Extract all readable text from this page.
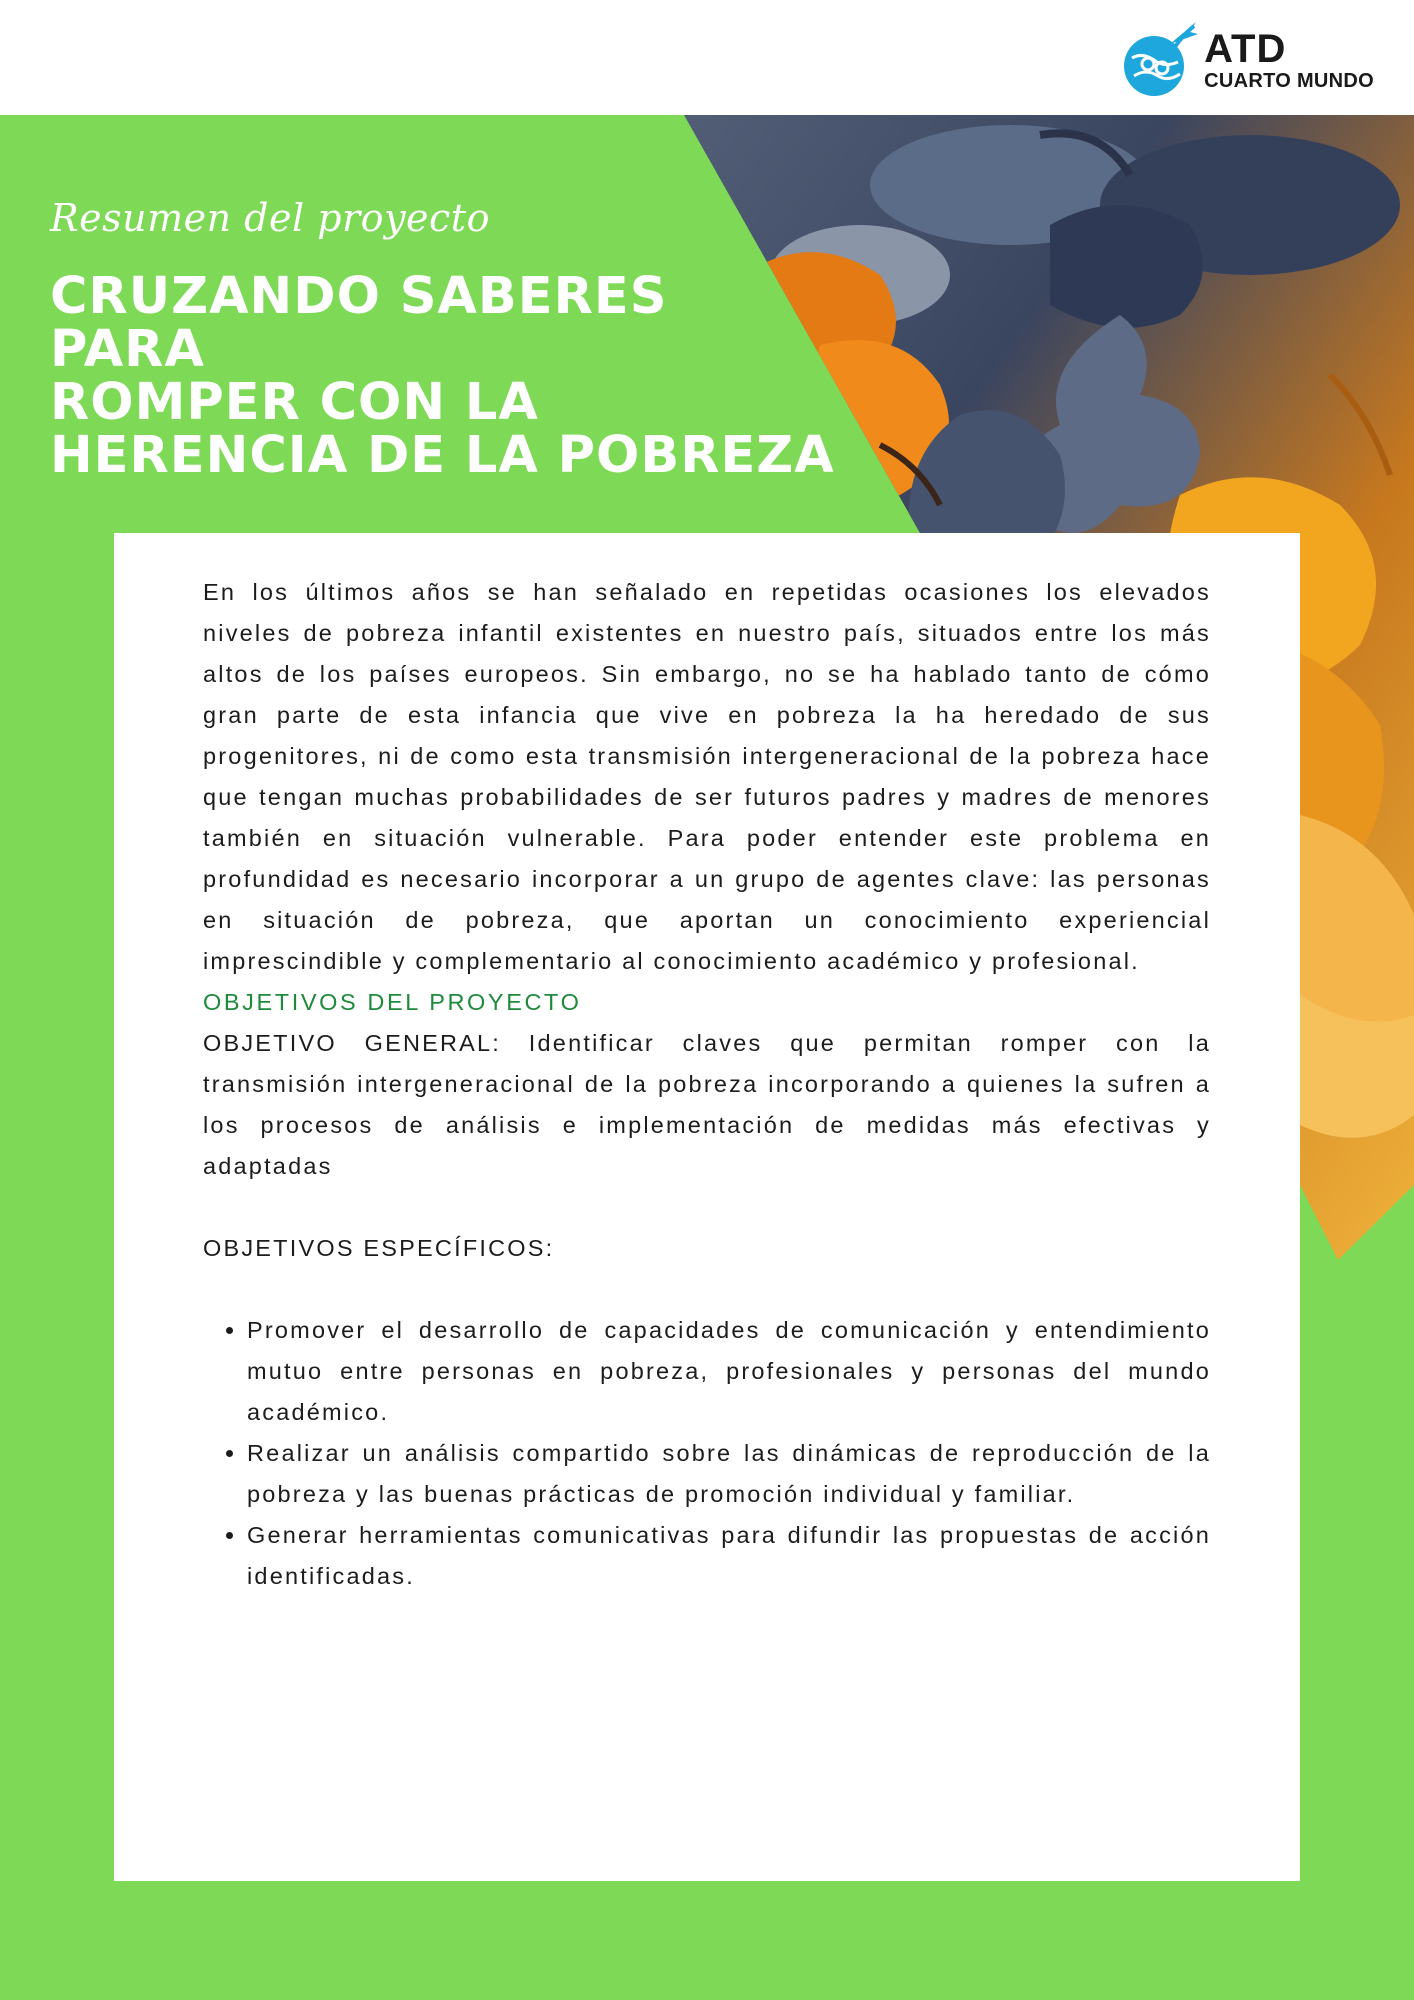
ATD
CUARTO MUNDO
Resumen del proyecto
CRUZANDO SABERES
PARA
ROMPER CON LA
HERENCIA DE LA POBREZA

En los últimos años se han señalado en repetidas ocasiones los elevados niveles de pobreza infantil existentes en nuestro país, situados entre los más altos de los países europeos. Sin embargo, no se ha hablado tanto de cómo gran parte de esta infancia que vive en pobreza la ha heredado de sus progenitores, ni de como esta transmisión intergeneracional de la pobreza hace que tengan muchas probabilidades de ser futuros padres y madres de menores también en situación vulnerable. Para poder entender este problema en profundidad es necesario incorporar a un grupo de agentes clave: las personas en situación de pobreza, que aportan un conocimiento experiencial imprescindible y complementario al conocimiento académico y profesional.

OBJETIVOS DEL PROYECTO

OBJETIVO GENERAL: Identificar claves que permitan romper con la transmisión intergeneracional de la pobreza incorporando a quienes la sufren a los procesos de análisis e implementación de medidas más efectivas y adaptadas

OBJETIVOS ESPECÍFICOS:

• Promover el desarrollo de capacidades de comunicación y entendimiento mutuo entre personas en pobreza, profesionales y personas del mundo académico.
• Realizar un análisis compartido sobre las dinámicas de reproducción de la pobreza y las buenas prácticas de promoción individual y familiar.
• Generar herramientas comunicativas para difundir las propuestas de acción identificadas.
